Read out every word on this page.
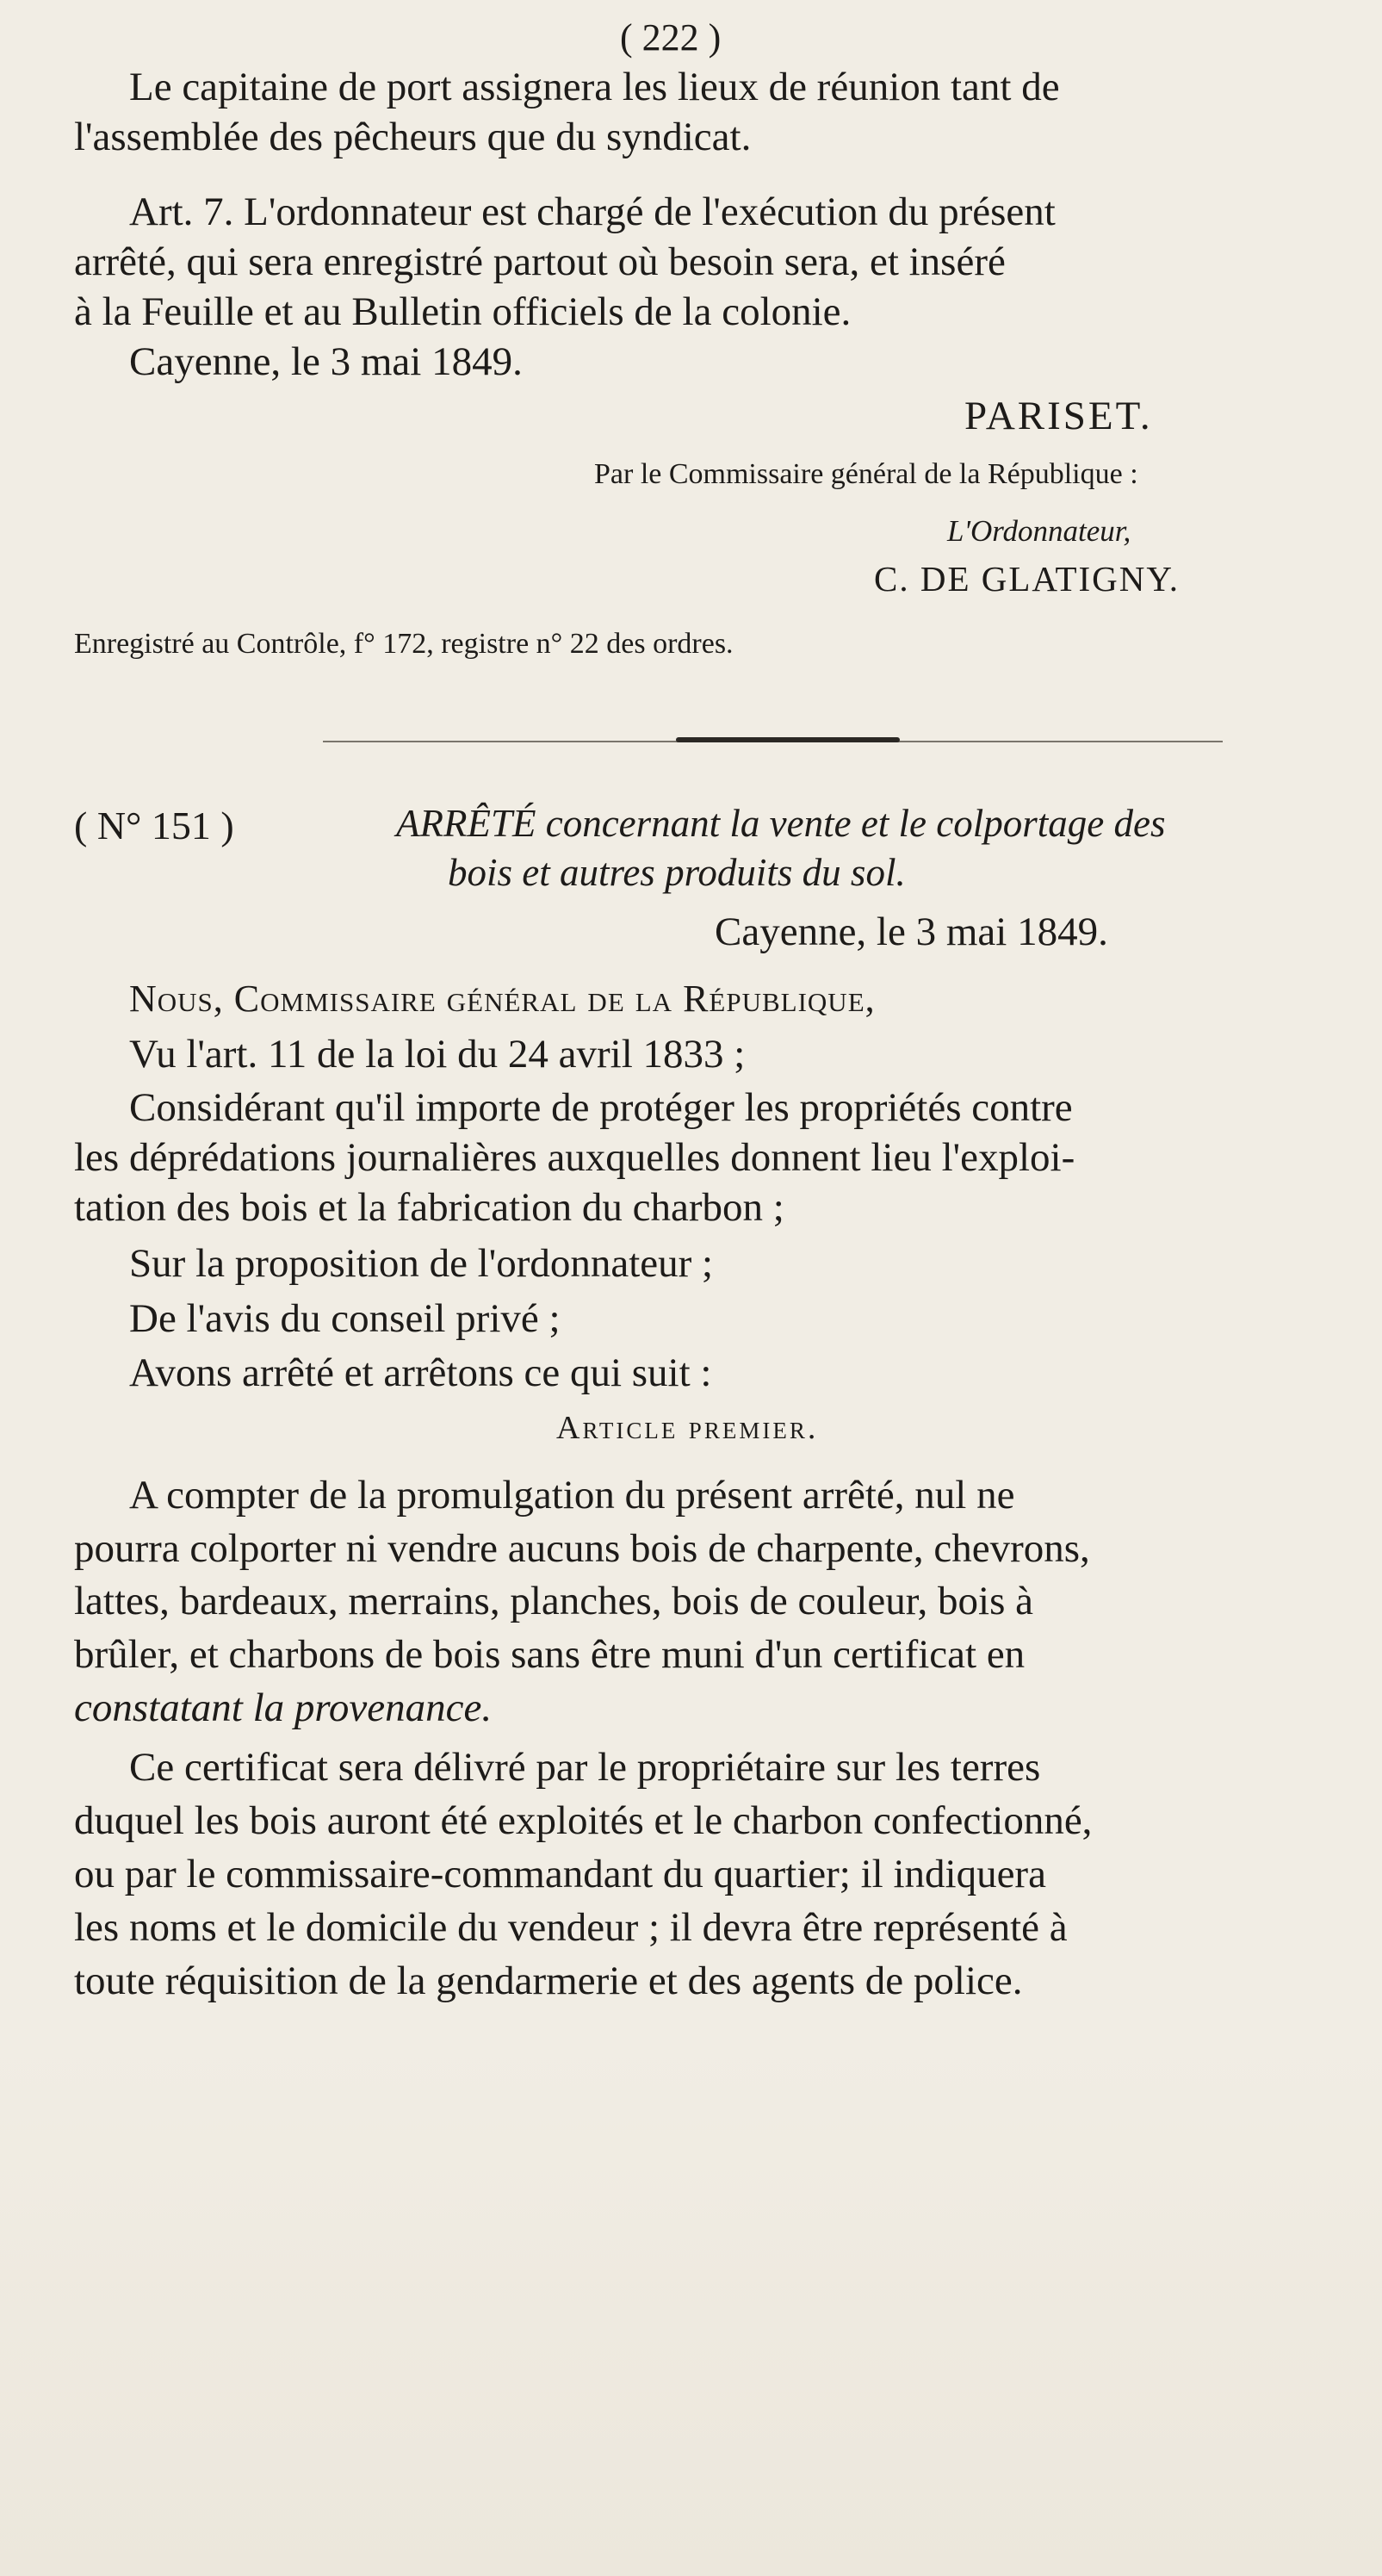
( 222 )
Le capitaine de port assignera les lieux de réunion tant de
l'assemblée des pêcheurs que du syndicat.
Art. 7. L'ordonnateur est chargé de l'exécution du présent
arrêté, qui sera enregistré partout où besoin sera, et inséré
à la Feuille et au Bulletin officiels de la colonie.
Cayenne, le 3 mai 1849.
PARISET.
Par le Commissaire général de la République :
L'Ordonnateur,
C. DE GLATIGNY.
Enregistré au Contrôle, f° 172, registre n° 22 des ordres.
( N° 151 )	ARRÊTÉ concernant la vente et le colportage des
bois et autres produits du sol.
Cayenne, le 3 mai 1849.
Nous, Commissaire général de la République,
Vu l'art. 11 de la loi du 24 avril 1833 ;
Considérant qu'il importe de protéger les propriétés contre
les déprédations journalières auxquelles donnent lieu l'exploi-
tation des bois et la fabrication du charbon ;
Sur la proposition de l'ordonnateur ;
De l'avis du conseil privé ;
Avons arrêté et arrêtons ce qui suit :
Article premier.
A compter de la promulgation du présent arrêté, nul ne
pourra colporter ni vendre aucuns bois de charpente, chevrons,
lattes, bardeaux, merrains, planches, bois de couleur, bois à
brûler, et charbons de bois sans être muni d'un certificat en
constatant la provenance.
Ce certificat sera délivré par le propriétaire sur les terres
duquel les bois auront été exploités et le charbon confectionné,
ou par le commissaire-commandant du quartier; il indiquera
les noms et le domicile du vendeur ; il devra être représenté à
toute réquisition de la gendarmerie et des agents de police.
